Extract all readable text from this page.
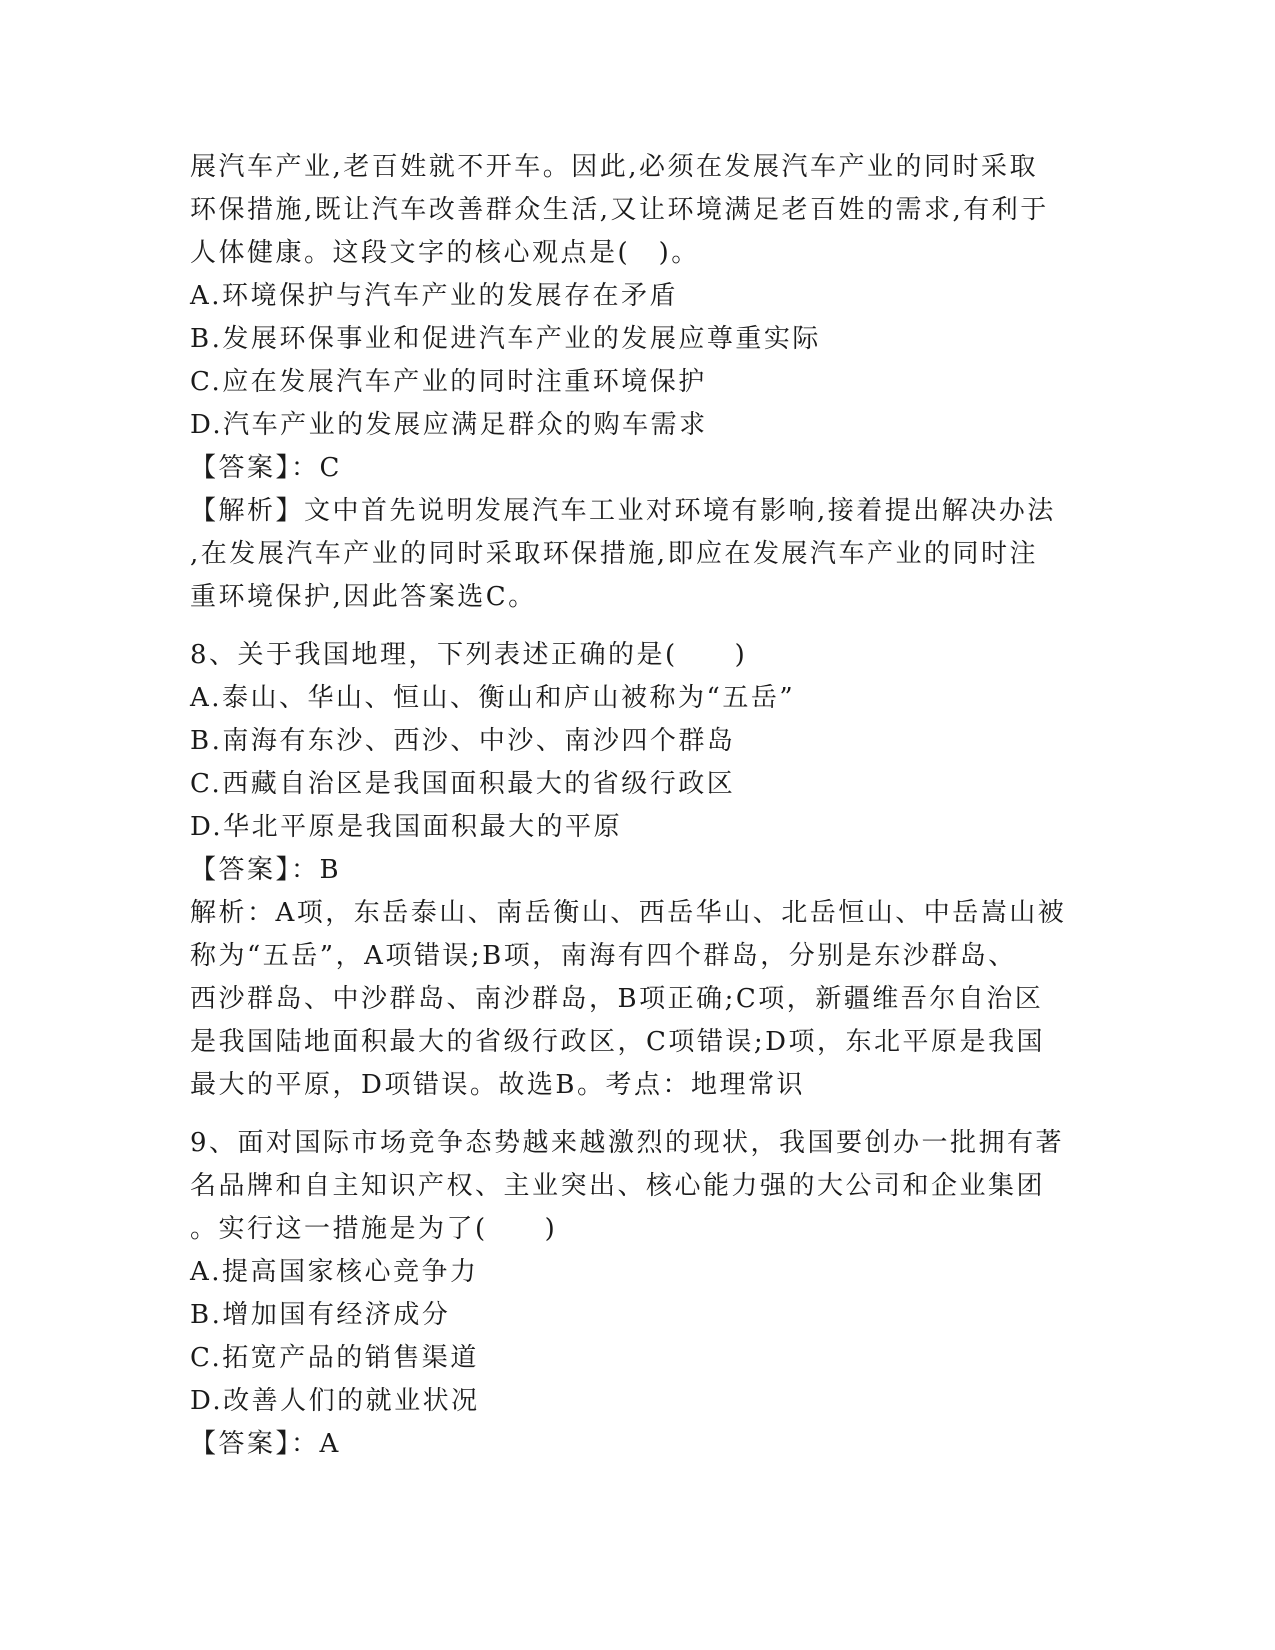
展汽车产业,老百姓就不开车。因此,必须在发展汽车产业的同时采取
环保措施,既让汽车改善群众生活,又让环境满足老百姓的需求,有利于
人体健康。这段文字的核心观点是(　)。
A.环境保护与汽车产业的发展存在矛盾
B.发展环保事业和促进汽车产业的发展应尊重实际
C.应在发展汽车产业的同时注重环境保护
D.汽车产业的发展应满足群众的购车需求
【答案】：C
【解析】文中首先说明发展汽车工业对环境有影响,接着提出解决办法
,在发展汽车产业的同时采取环保措施,即应在发展汽车产业的同时注
重环境保护,因此答案选C。
8、关于我国地理，下列表述正确的是(　　)
A.泰山、华山、恒山、衡山和庐山被称为“五岳”
B.南海有东沙、西沙、中沙、南沙四个群岛
C.西藏自治区是我国面积最大的省级行政区
D.华北平原是我国面积最大的平原
【答案】：B
解析：A项，东岳泰山、南岳衡山、西岳华山、北岳恒山、中岳嵩山被
称为“五岳”，A项错误;B项，南海有四个群岛，分别是东沙群岛、
西沙群岛、中沙群岛、南沙群岛，B项正确;C项，新疆维吾尔自治区
是我国陆地面积最大的省级行政区，C项错误;D项，东北平原是我国
最大的平原，D项错误。故选B。考点：地理常识
9、面对国际市场竞争态势越来越激烈的现状，我国要创办一批拥有著
名品牌和自主知识产权、主业突出、核心能力强的大公司和企业集团
。实行这一措施是为了(　　)
A.提高国家核心竞争力
B.增加国有经济成分
C.拓宽产品的销售渠道
D.改善人们的就业状况
【答案】：A
